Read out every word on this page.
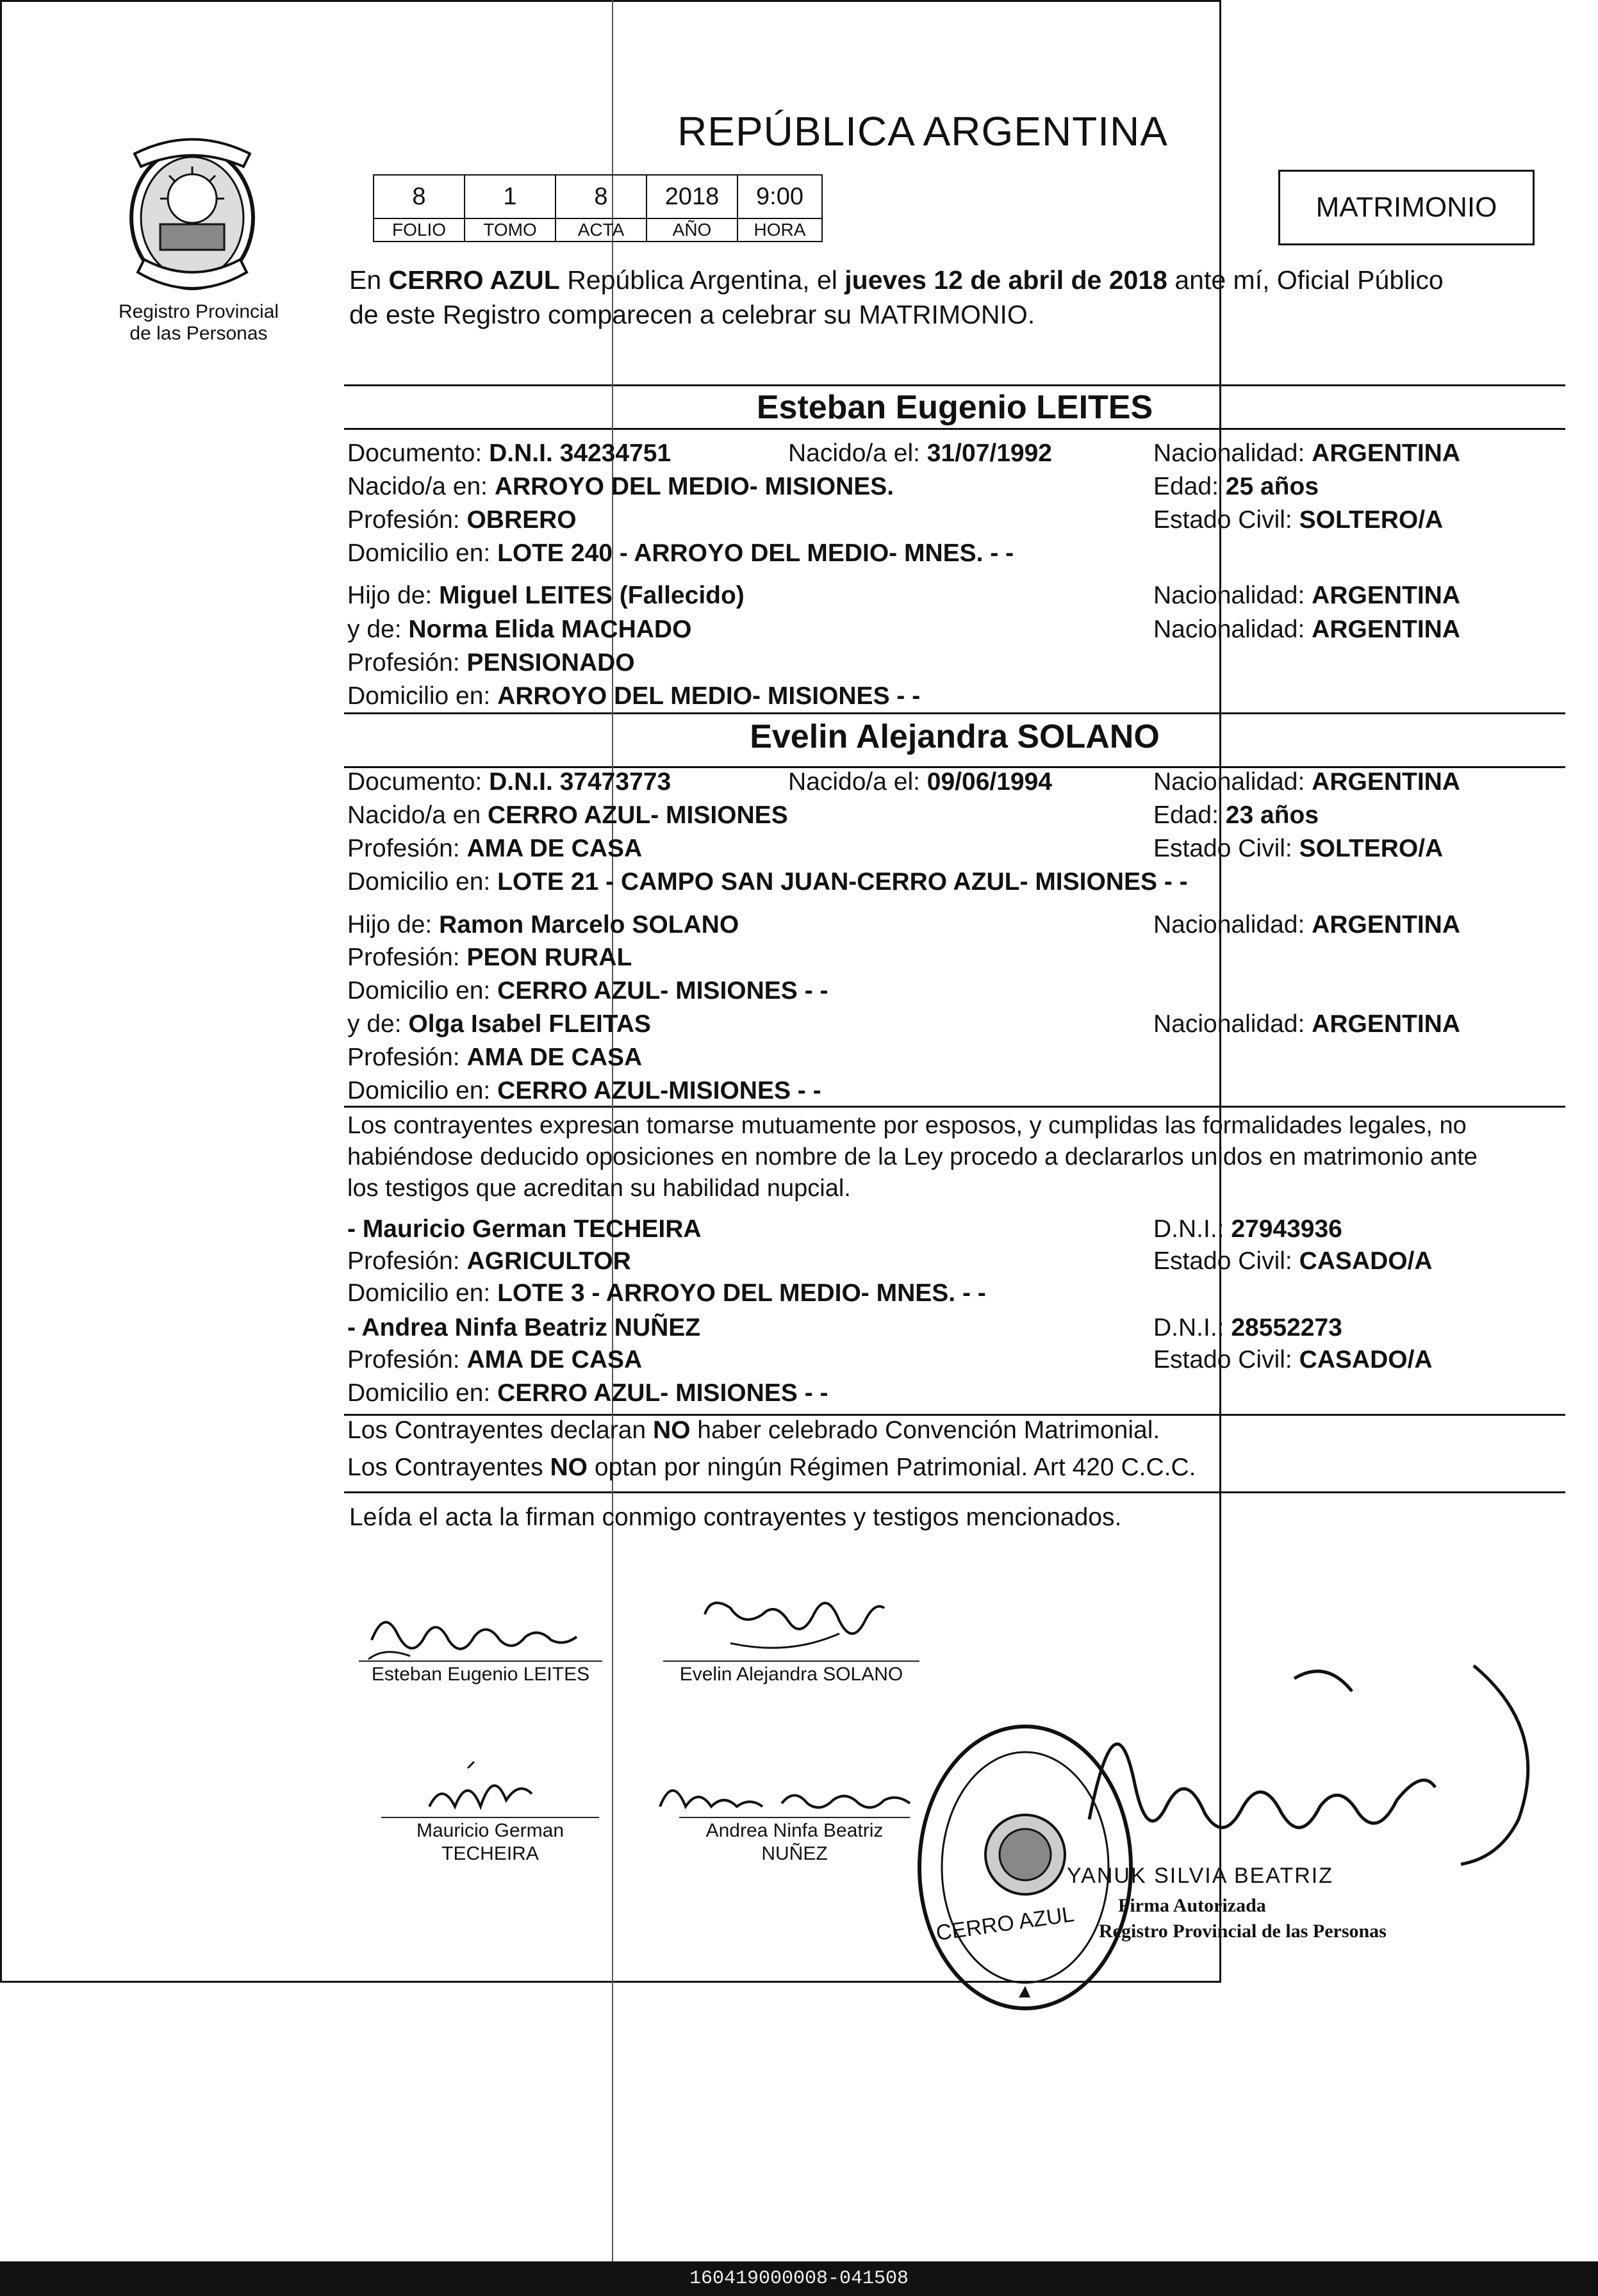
Registro Provincial
de las Personas
REPÚBLICA ARGENTINA
8	1	8	2018	9:00
FOLIO	TOMO	ACTA	AÑO	HORA
MATRIMONIO
En CERRO AZUL República Argentina, el jueves 12 de abril de 2018 ante mí, Oficial Público
de este Registro comparecen a celebrar su MATRIMONIO.
Esteban Eugenio LEITES
Documento: D.N.I. 34234751	Nacido/a el: 31/07/1992	Nacionalidad: ARGENTINA
Nacido/a en: ARROYO DEL MEDIO- MISIONES.	Edad: 25 años
Profesión: OBRERO	Estado Civil: SOLTERO/A
Domicilio en: LOTE 240 - ARROYO DEL MEDIO- MNES. - -
Hijo de: Miguel LEITES (Fallecido)	Nacionalidad: ARGENTINA
y de: Norma Elida MACHADO	Nacionalidad: ARGENTINA
Profesión: PENSIONADO
Domicilio en: ARROYO DEL MEDIO- MISIONES - -
Evelin Alejandra SOLANO
Documento: D.N.I. 37473773	Nacido/a el: 09/06/1994	Nacionalidad: ARGENTINA
Nacido/a en CERRO AZUL- MISIONES	Edad: 23 años
Profesión: AMA DE CASA	Estado Civil: SOLTERO/A
Domicilio en: LOTE 21 - CAMPO SAN JUAN-CERRO AZUL- MISIONES - -
Hijo de: Ramon Marcelo SOLANO	Nacionalidad: ARGENTINA
Profesión: PEON RURAL
Domicilio en: CERRO AZUL- MISIONES - -
y de: Olga Isabel FLEITAS	Nacionalidad: ARGENTINA
Profesión: AMA DE CASA
Domicilio en: CERRO AZUL-MISIONES - -
Los contrayentes expresan tomarse mutuamente por esposos, y cumplidas las formalidades legales, no
habiéndose deducido oposiciones en nombre de la Ley procedo a declararlos unidos en matrimonio ante
los testigos que acreditan su habilidad nupcial.
- Mauricio German TECHEIRA	D.N.I.: 27943936
Profesión: AGRICULTOR	Estado Civil: CASADO/A
Domicilio en: LOTE 3 - ARROYO DEL MEDIO- MNES. - -
- Andrea Ninfa Beatriz NUÑEZ	D.N.I.: 28552273
Profesión: AMA DE CASA	Estado Civil: CASADO/A
Domicilio en: CERRO AZUL- MISIONES - -
Los Contrayentes declaran NO haber celebrado Convención Matrimonial.
Los Contrayentes NO optan por ningún Régimen Patrimonial. Art 420 C.C.C.
Leída el acta la firman conmigo contrayentes y testigos mencionados.
Esteban Eugenio LEITES	Evelin Alejandra SOLANO
Mauricio German
TECHEIRA
Andrea Ninfa Beatriz
NUÑEZ
CERRO AZUL
YANUK SILVIA BEATRIZ
Firma Autorizada
Registro Provincial de las Personas
160419000008-041508
